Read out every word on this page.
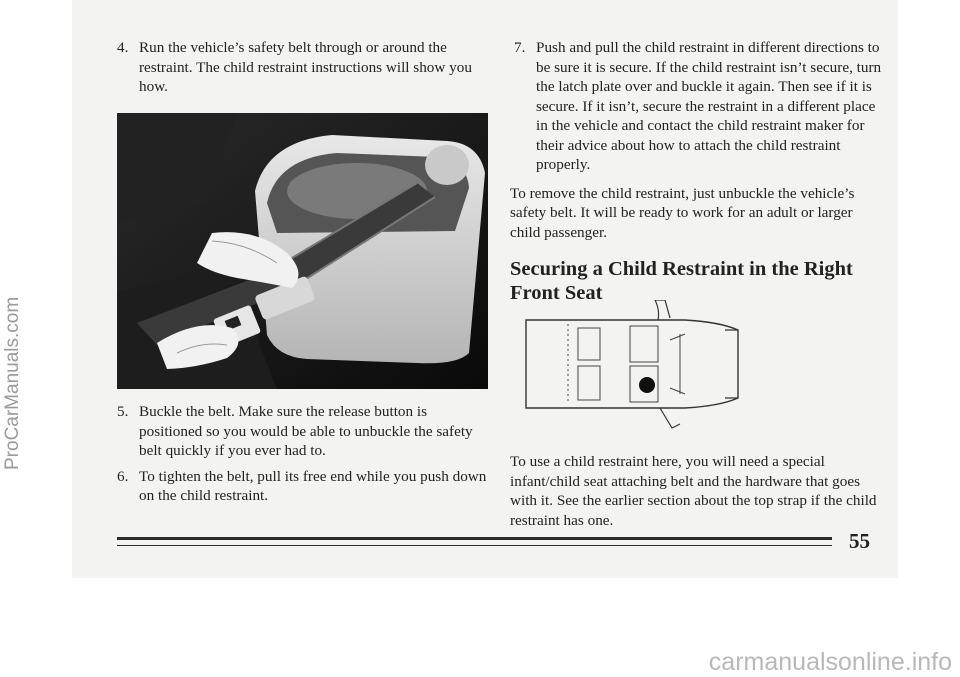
ProCarManuals.com
4. Run the vehicle’s safety belt through or around the restraint. The child restraint instructions will show you how.
5. Buckle the belt. Make sure the release button is positioned so you would be able to unbuckle the safety belt quickly if you ever had to.
6. To tighten the belt, pull its free end while you push down on the child restraint.
7. Push and pull the child restraint in different directions to be sure it is secure. If the child restraint isn’t secure, turn the latch plate over and buckle it again. Then see if it is secure. If it isn’t, secure the restraint in a different place in the vehicle and contact the child restraint maker for their advice about how to attach the child restraint properly.

To remove the child restraint, just unbuckle the vehicle’s safety belt. It will be ready to work for an adult or larger child passenger.

Securing a Child Restraint in the Right
Front Seat

To use a child restraint here, you will need a special infant/child seat attaching belt and the hardware that goes with it. See the earlier section about the top strap if the child restraint has one.

55
carmanualsonline.info
